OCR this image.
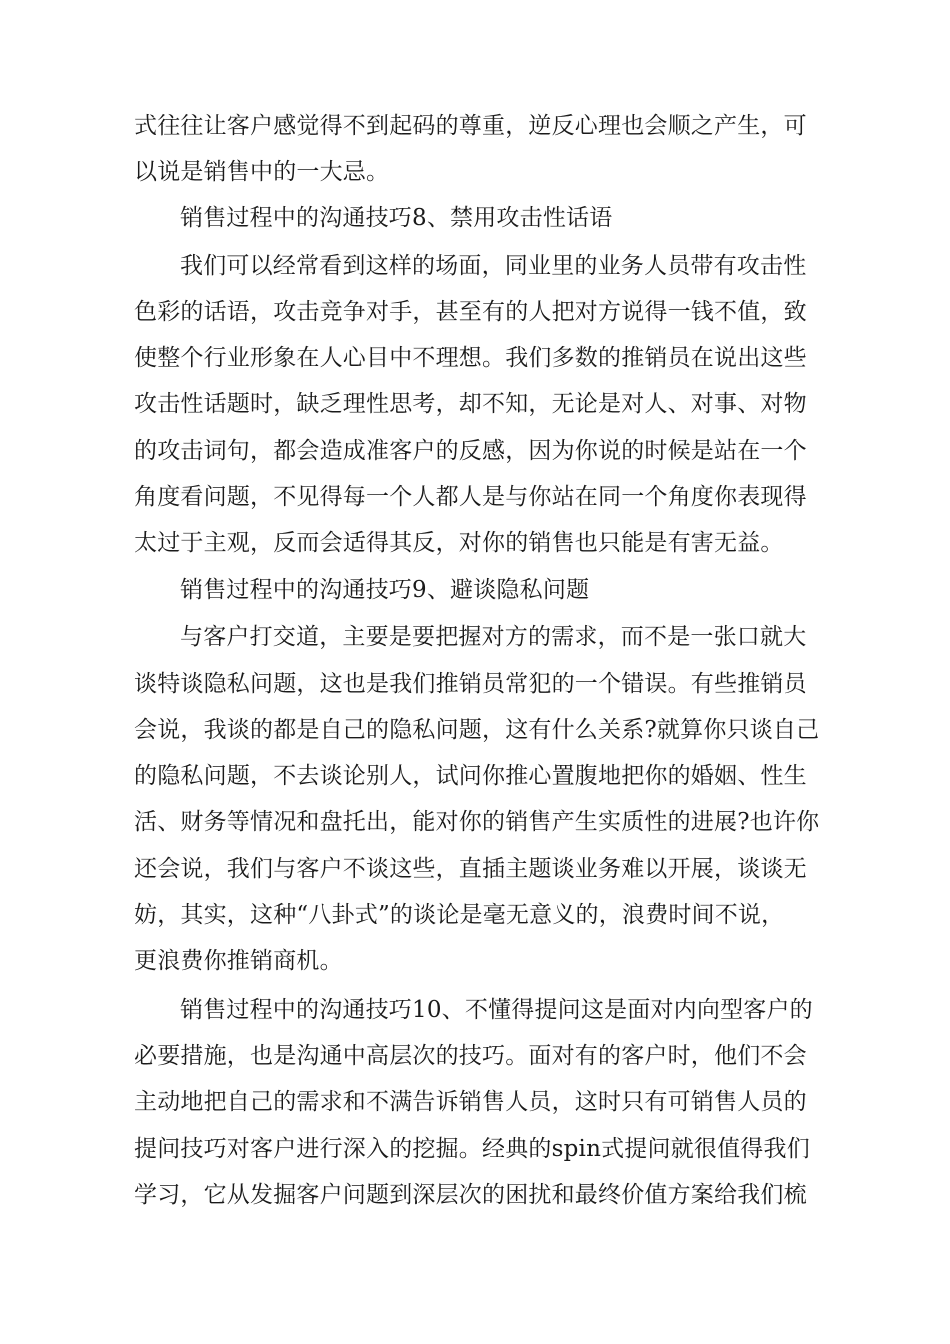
式往往让客户感觉得不到起码的尊重，逆反心理也会顺之产生，可
以说是销售中的一大忌。
销售过程中的沟通技巧8、禁用攻击性话语
我们可以经常看到这样的场面，同业里的业务人员带有攻击性
色彩的话语，攻击竞争对手，甚至有的人把对方说得一钱不值，致
使整个行业形象在人心目中不理想。我们多数的推销员在说出这些
攻击性话题时，缺乏理性思考，却不知，无论是对人、对事、对物
的攻击词句，都会造成准客户的反感，因为你说的时候是站在一个
角度看问题，不见得每一个人都人是与你站在同一个角度你表现得
太过于主观，反而会适得其反，对你的销售也只能是有害无益。
销售过程中的沟通技巧9、避谈隐私问题
与客户打交道，主要是要把握对方的需求，而不是一张口就大
谈特谈隐私问题，这也是我们推销员常犯的一个错误。有些推销员
会说，我谈的都是自己的隐私问题，这有什么关系?就算你只谈自己
的隐私问题，不去谈论别人，试问你推心置腹地把你的婚姻、性生
活、财务等情况和盘托出，能对你的销售产生实质性的进展?也许你
还会说，我们与客户不谈这些，直插主题谈业务难以开展，谈谈无
妨，其实，这种“八卦式”的谈论是毫无意义的，浪费时间不说，
更浪费你推销商机。
销售过程中的沟通技巧10、不懂得提问这是面对内向型客户的
必要措施，也是沟通中高层次的技巧。面对有的客户时，他们不会
主动地把自己的需求和不满告诉销售人员，这时只有可销售人员的
提问技巧对客户进行深入的挖掘。经典的spin式提问就很值得我们
学习，它从发掘客户问题到深层次的困扰和最终价值方案给我们梳
